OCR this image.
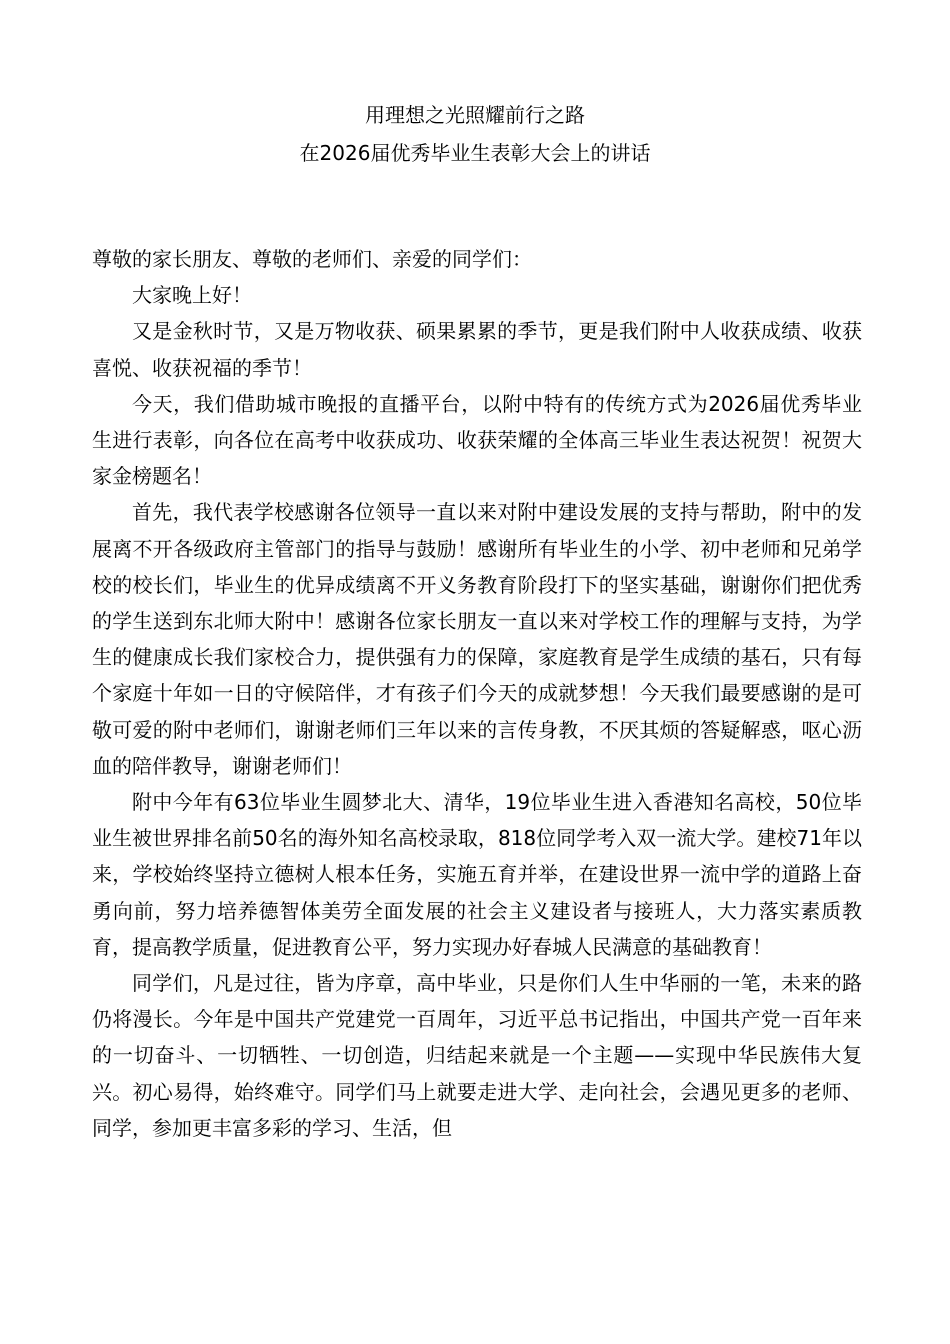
用理想之光照耀前行之路
在2026届优秀毕业生表彰大会上的讲话

尊敬的家长朋友、尊敬的老师们、亲爱的同学们：

大家晚上好！

又是金秋时节，又是万物收获、硕果累累的季节，更是我们附中人收获成绩、收获喜悦、收获祝福的季节！

今天，我们借助城市晚报的直播平台，以附中特有的传统方式为2026届优秀毕业生进行表彰，向各位在高考中收获成功、收获荣耀的全体高三毕业生表达祝贺！祝贺大家金榜题名！

首先，我代表学校感谢各位领导一直以来对附中建设发展的支持与帮助，附中的发展离不开各级政府主管部门的指导与鼓励！感谢所有毕业生的小学、初中老师和兄弟学校的校长们，毕业生的优异成绩离不开义务教育阶段打下的坚实基础，谢谢你们把优秀的学生送到东北师大附中！感谢各位家长朋友一直以来对学校工作的理解与支持，为学生的健康成长我们家校合力，提供强有力的保障，家庭教育是学生成绩的基石，只有每个家庭十年如一日的守候陪伴，才有孩子们今天的成就梦想！今天我们最要感谢的是可敬可爱的附中老师们，谢谢老师们三年以来的言传身教，不厌其烦的答疑解惑，呕心沥血的陪伴教导，谢谢老师们！

附中今年有63位毕业生圆梦北大、清华，19位毕业生进入香港知名高校，50位毕业生被世界排名前50名的海外知名高校录取，818位同学考入双一流大学。建校71年以来，学校始终坚持立德树人根本任务，实施五育并举，在建设世界一流中学的道路上奋勇向前，努力培养德智体美劳全面发展的社会主义建设者与接班人，大力落实素质教育，提高教学质量，促进教育公平，努力实现办好春城人民满意的基础教育！

同学们，凡是过往，皆为序章，高中毕业，只是你们人生中华丽的一笔，未来的路仍将漫长。今年是中国共产党建党一百周年，习近平总书记指出，中国共产党一百年来的一切奋斗、一切牺牲、一切创造，归结起来就是一个主题——实现中华民族伟大复兴。初心易得，始终难守。同学们马上就要走进大学、走向社会，会遇见更多的老师、同学，参加更丰富多彩的学习、生活，但
